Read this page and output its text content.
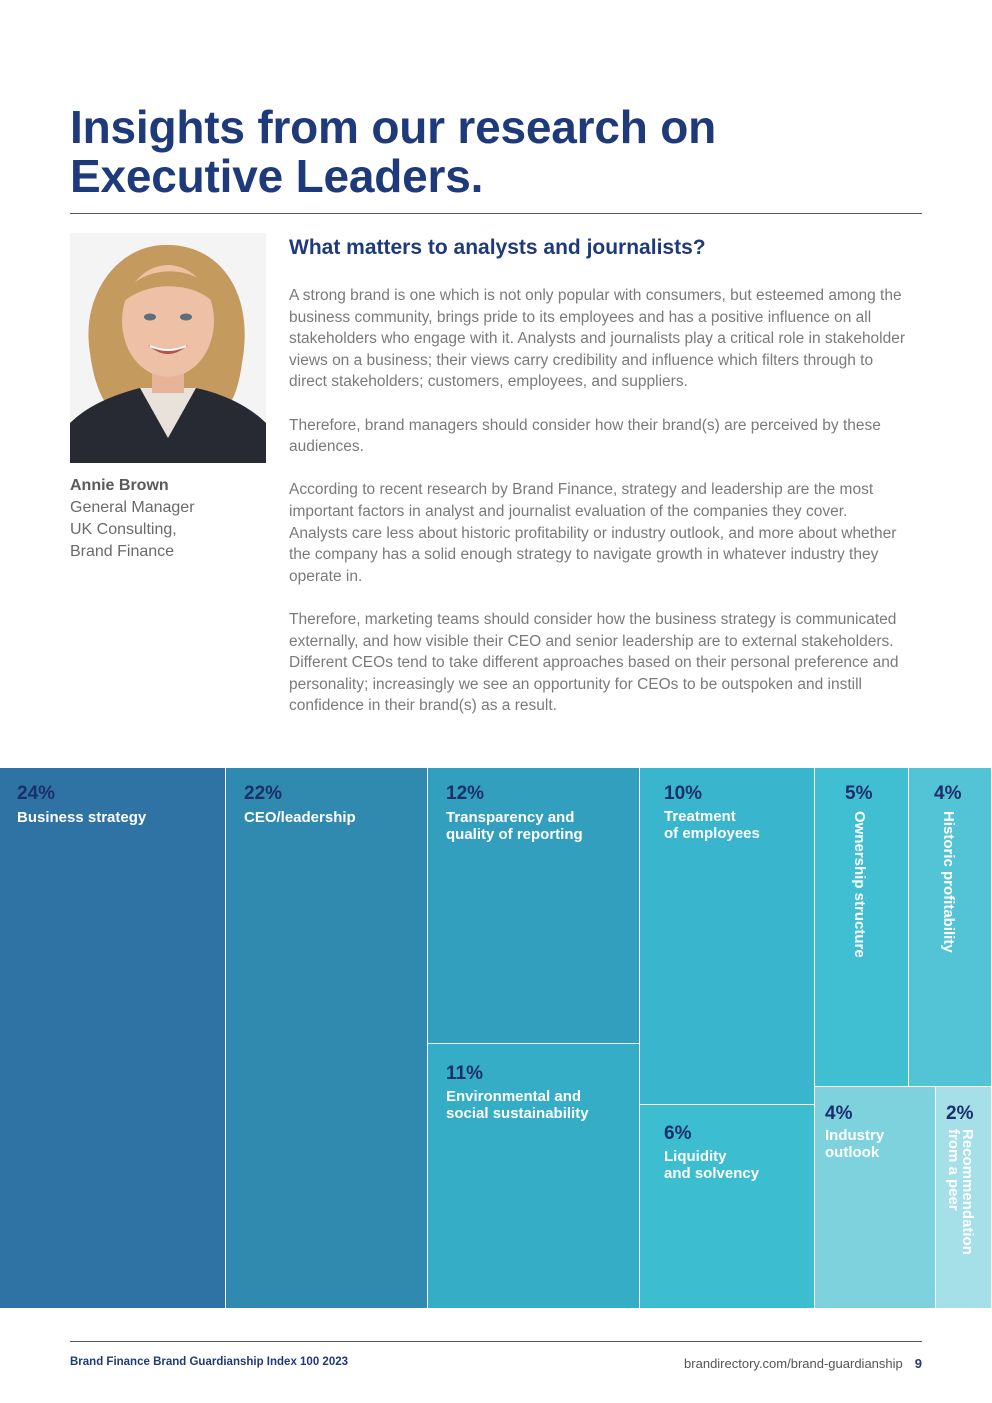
Insights from our research on
Executive Leaders.
Annie Brown
General Manager
UK Consulting,
Brand Finance
What matters to analysts and journalists?

A strong brand is one which is not only popular with consumers, but esteemed among the business community, brings pride to its employees and has a positive influence on all stakeholders who engage with it. Analysts and journalists play a critical role in stakeholder views on a business; their views carry credibility and influence which filters through to direct stakeholders; customers, employees, and suppliers.

Therefore, brand managers should consider how their brand(s) are perceived by these audiences.

According to recent research by Brand Finance, strategy and leadership are the most important factors in analyst and journalist evaluation of the companies they cover. Analysts care less about historic profitability or industry outlook, and more about whether the company has a solid enough strategy to navigate growth in whatever industry they operate in.

Therefore, marketing teams should consider how the business strategy is communicated externally, and how visible their CEO and senior leadership are to external stakeholders. Different CEOs tend to take different approaches based on their personal preference and personality; increasingly we see an opportunity for CEOs to be outspoken and instill confidence in their brand(s) as a result.

24%
Business strategy
22%
CEO/leadership
12%
Transparency and
quality of reporting
11%
Environmental and
social sustainability
10%
Treatment
of employees
6%
Liquidity
and solvency
5%
Ownership structure
4%
Historic profitability
4%
Industry
outlook
2%
Recommendation
from a peer
Brand Finance Brand Guardianship Index 100 2023	brandirectory.com/brand-guardianship 9
